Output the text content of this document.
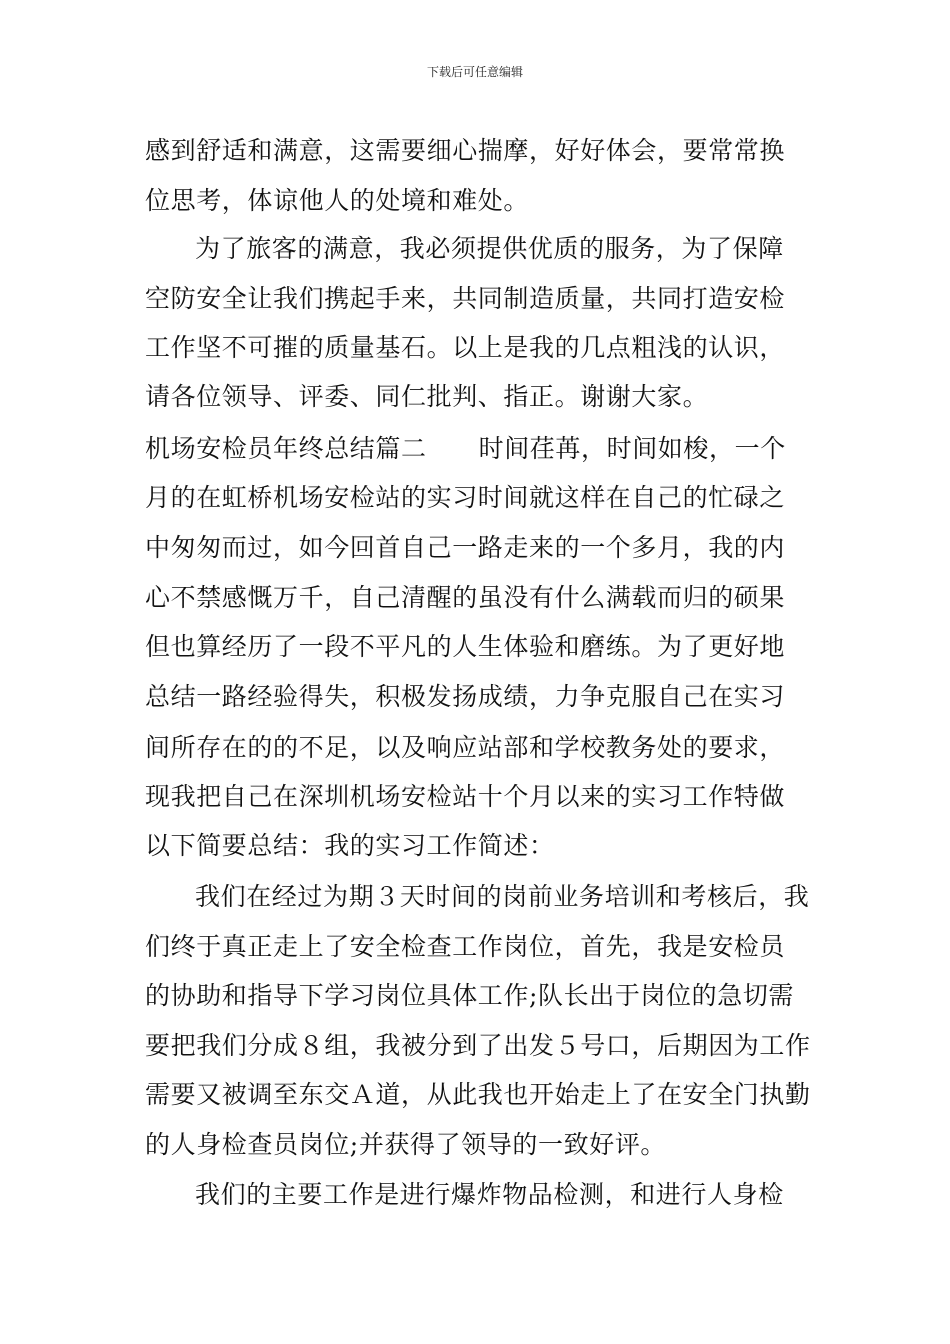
下载后可任意编辑
感到舒适和满意，这需要细心揣摩，好好体会，要常常换
位思考，体谅他人的处境和难处。
为了旅客的满意，我必须提供优质的服务，为了保障
空防安全让我们携起手来，共同制造质量，共同打造安检
工作坚不可摧的质量基石。以上是我的几点粗浅的认识，
请各位领导、评委、同仁批判、指正。谢谢大家。
机场安检员年终总结篇二 时间荏苒，时间如梭，一个
月的在虹桥机场安检站的实习时间就这样在自己的忙碌之
中匆匆而过，如今回首自己一路走来的一个多月，我的内
心不禁感慨万千，自己清醒的虽没有什么满载而归的硕果
但也算经历了一段不平凡的人生体验和磨练。为了更好地
总结一路经验得失，积极发扬成绩，力争克服自己在实习
间所存在的的不足，以及响应站部和学校教务处的要求，
现我把自己在深圳机场安检站十个月以来的实习工作特做
以下简要总结：我的实习工作简述：
我们在经过为期３天时间的岗前业务培训和考核后，我
们终于真正走上了安全检查工作岗位，首先，我是安检员
的协助和指导下学习岗位具体工作;队长出于岗位的急切需
要把我们分成８组，我被分到了出发５号口，后期因为工作
需要又被调至东交Ａ道，从此我也开始走上了在安全门执勤
的人身检查员岗位;并获得了领导的一致好评。
我们的主要工作是进行爆炸物品检测，和进行人身检
